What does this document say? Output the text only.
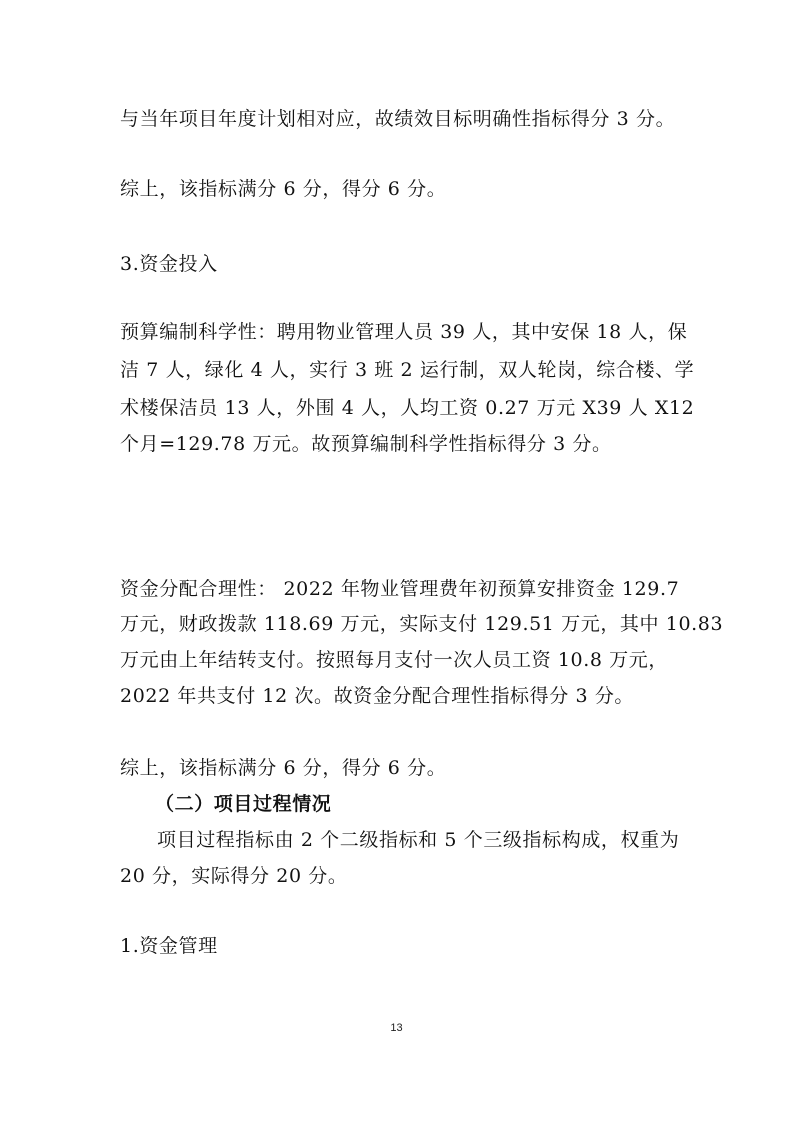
与当年项目年度计划相对应，故绩效目标明确性指标得分 3 分。
综上，该指标满分 6 分，得分 6 分。
3.资金投入
预算编制科学性：聘用物业管理人员 39 人，其中安保 18 人，保
洁 7 人，绿化 4 人，实行 3 班 2 运行制，双人轮岗，综合楼、学
术楼保洁员 13 人，外围 4 人，人均工资 0.27 万元 X39 人 X12
个月=129.78 万元。故预算编制科学性指标得分 3 分。
资金分配合理性： 2022 年物业管理费年初预算安排资金 129.7
万元，财政拨款 118.69 万元，实际支付 129.51 万元，其中 10.83
万元由上年结转支付。按照每月支付一次人员工资 10.8 万元，
2022 年共支付 12 次。故资金分配合理性指标得分 3 分。
综上，该指标满分 6 分，得分 6 分。
（二）项目过程情况
项目过程指标由 2 个二级指标和 5 个三级指标构成，权重为
20 分，实际得分 20 分。
1.资金管理
13
